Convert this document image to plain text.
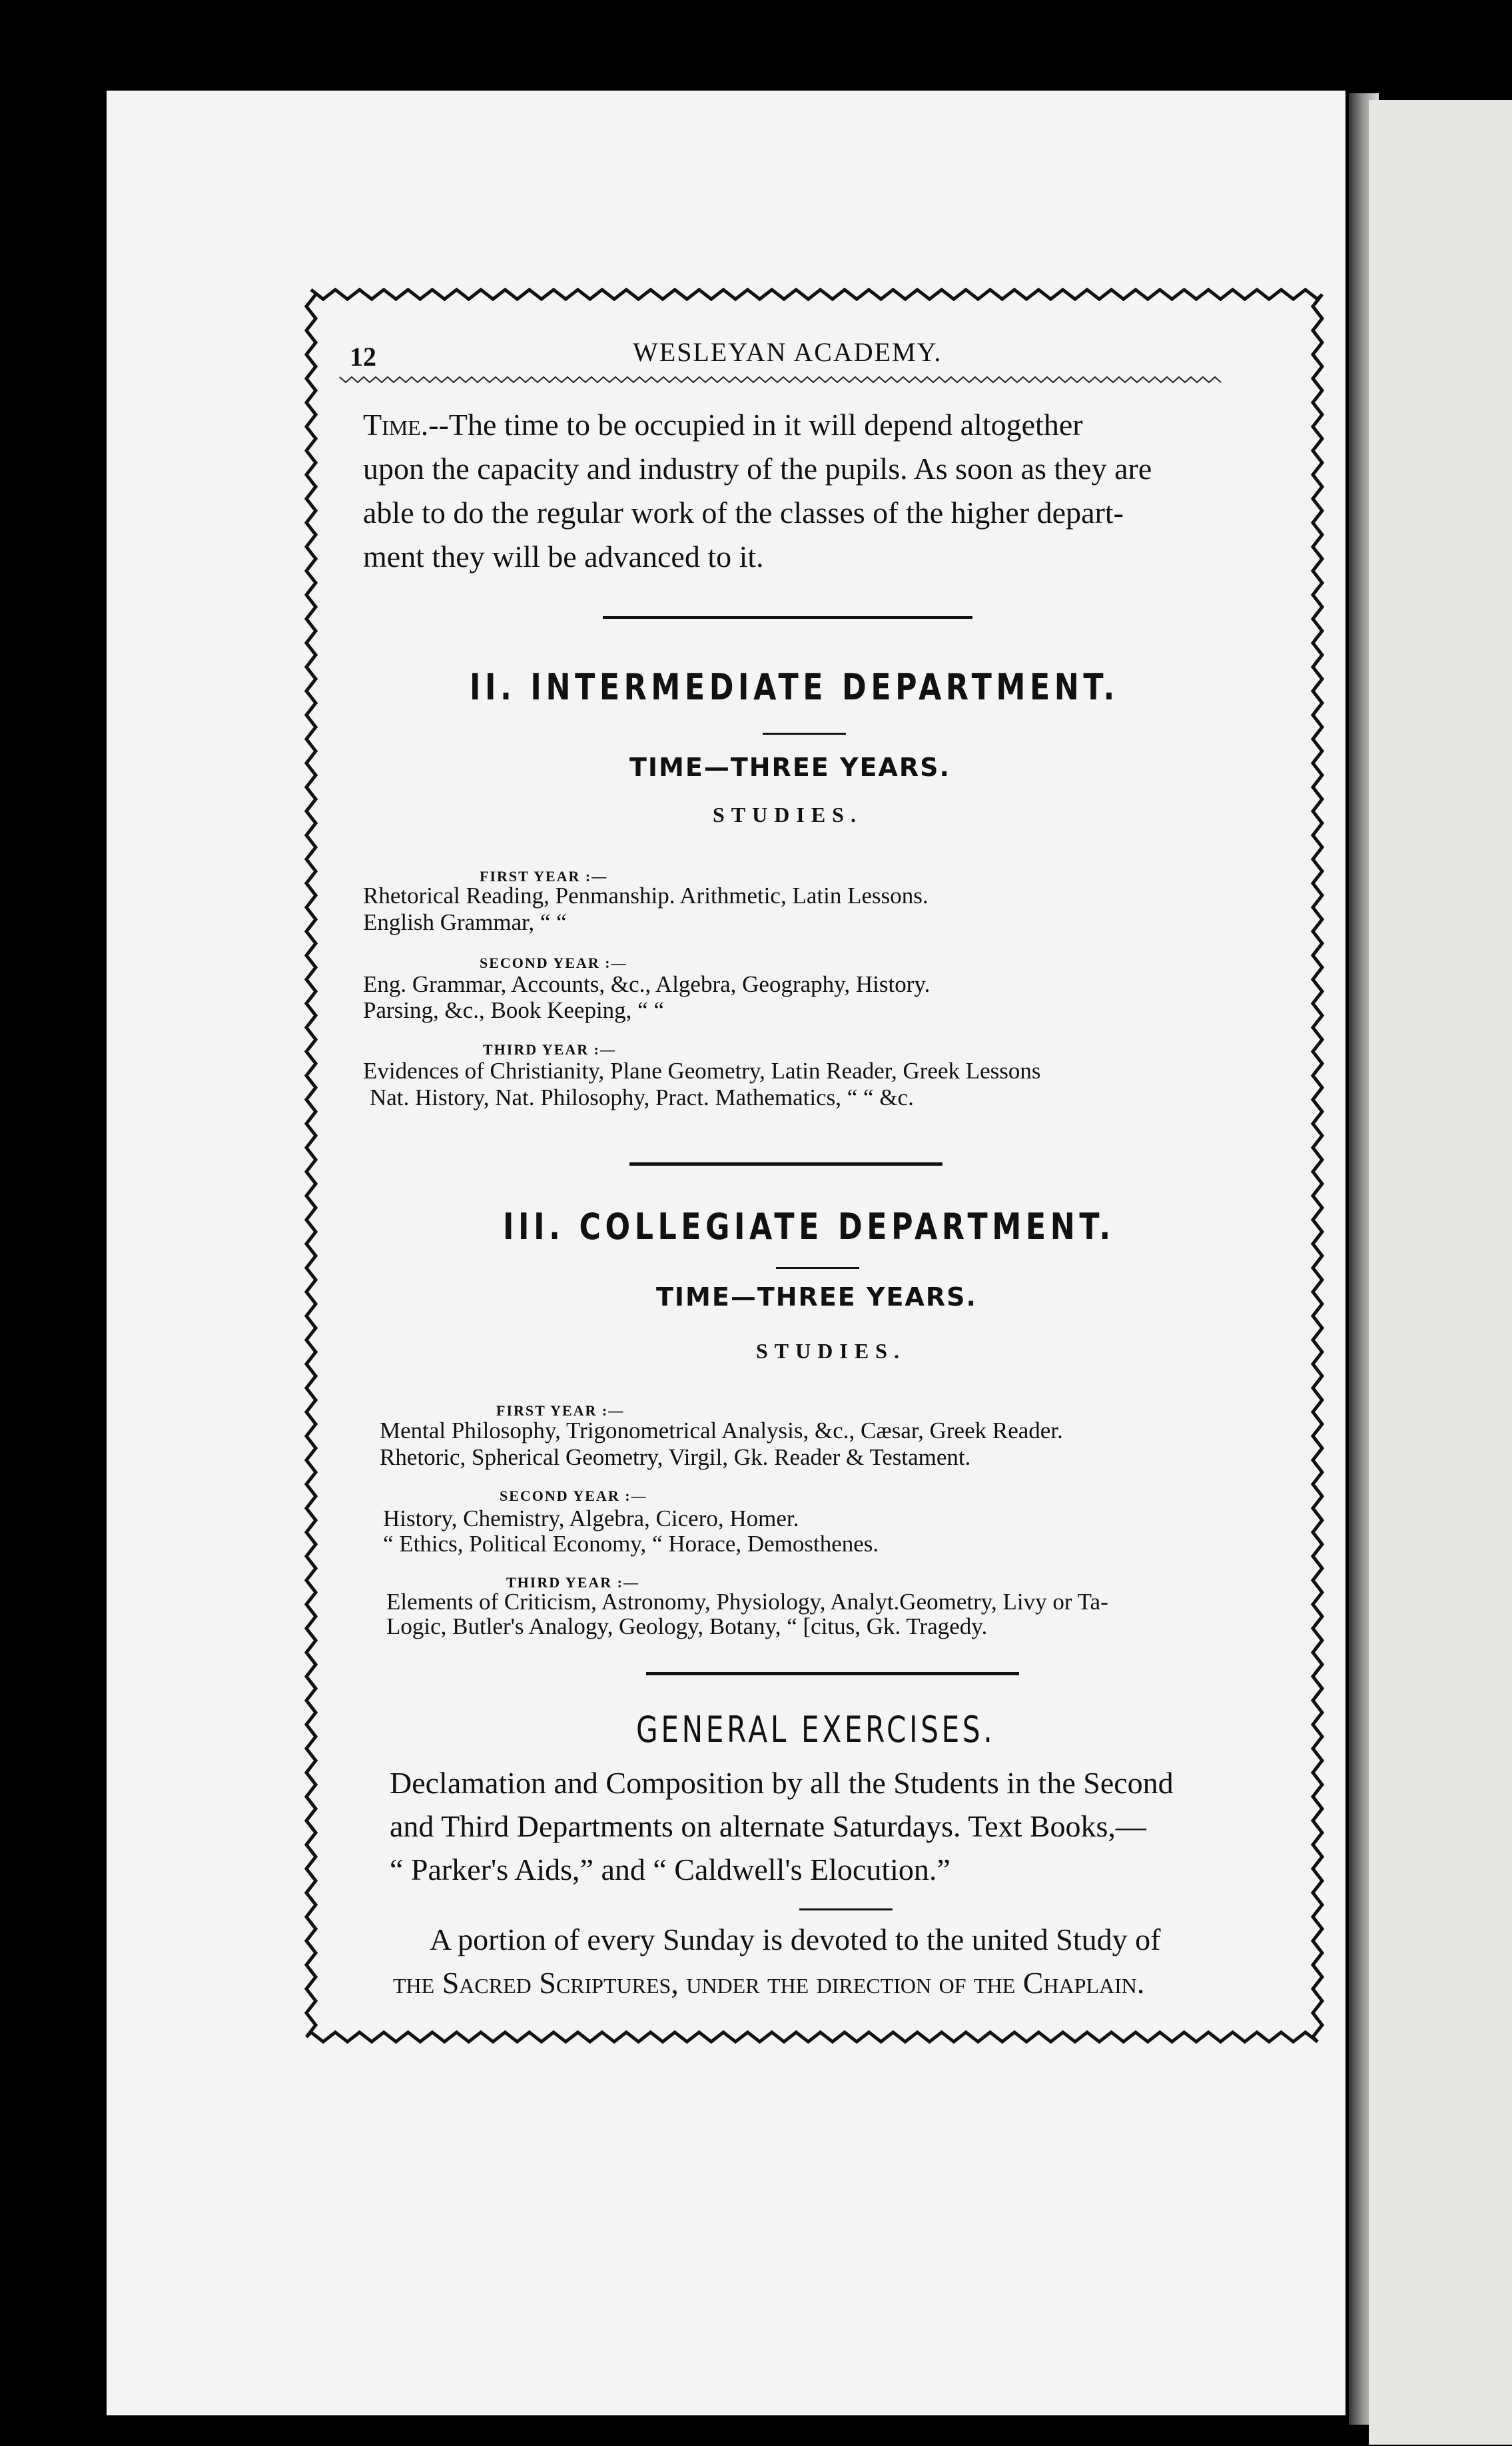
12	WESLEYAN ACADEMY.
Time.--The time to be occupied in it will depend altogether
upon the capacity and industry of the pupils. As soon as they are
able to do the regular work of the classes of the higher depart-
ment they will be advanced to it.
II. INTERMEDIATE DEPARTMENT.
TIME—THREE YEARS.
STUDIES.
FIRST YEAR :—
Rhetorical Reading, Penmanship. Arithmetic, Latin Lessons.
English Grammar, “ “
SECOND YEAR :—
Eng. Grammar, Accounts, &c., Algebra, Geography, History.
Parsing, &c., Book Keeping, “ “
THIRD YEAR :—
Evidences of Christianity, Plane Geometry, Latin Reader, Greek Lessons
Nat. History, Nat. Philosophy, Pract. Mathematics, “ “ &c.
III. COLLEGIATE DEPARTMENT.
TIME—THREE YEARS.
STUDIES.
FIRST YEAR :—
Mental Philosophy, Trigonometrical Analysis, &c., Cæsar, Greek Reader.
Rhetoric, Spherical Geometry, Virgil, Gk. Reader & Testament.
SECOND YEAR :—
History, Chemistry, Algebra, Cicero, Homer.
“ Ethics, Political Economy, “ Horace, Demosthenes.
THIRD YEAR :—
Elements of Criticism, Astronomy, Physiology, Analyt.Geometry, Livy or Ta-
Logic, Butler's Analogy, Geology, Botany, “ [citus, Gk. Tragedy.
GENERAL EXERCISES.
Declamation and Composition by all the Students in the Second
and Third Departments on alternate Saturdays. Text Books,—
“ Parker's Aids,” and “ Caldwell's Elocution.”
A portion of every Sunday is devoted to the united Study of
the Sacred Scriptures, under the direction of the Chaplain.
